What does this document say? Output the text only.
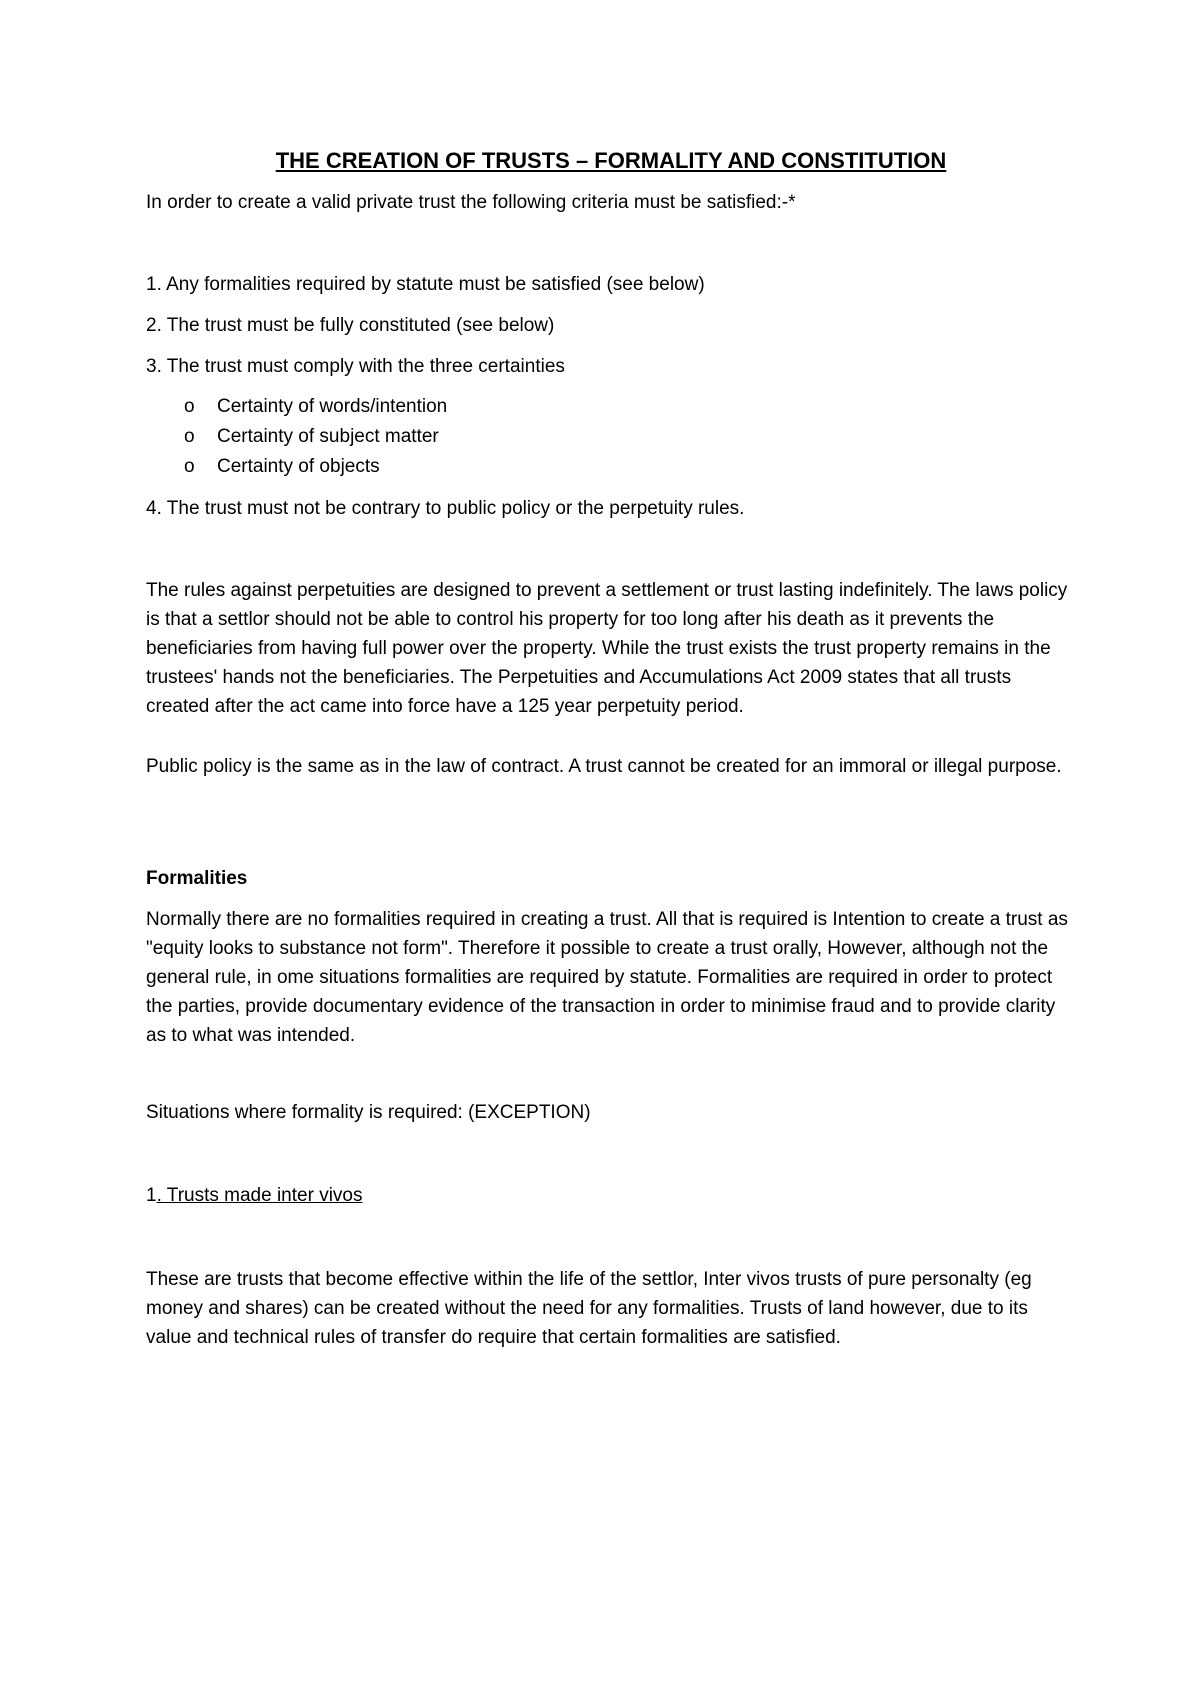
THE CREATION OF TRUSTS – FORMALITY AND CONSTITUTION

In order to create a valid private trust the following criteria must be satisfied:-*

1. Any formalities required by statute must be satisfied (see below)

2. The trust must be fully constituted (see below)

3. The trust must comply with the three certainties

o Certainty of words/intention
o Certainty of subject matter
o Certainty of objects

4. The trust must not be contrary to public policy or the perpetuity rules.

The rules against perpetuities are designed to prevent a settlement or trust lasting indefinitely. The laws policy is that a settlor should not be able to control his property for too long after his death as it prevents the beneficiaries from having full power over the property. While the trust exists the trust property remains in the trustees' hands not the beneficiaries. The Perpetuities and Accumulations Act 2009 states that all trusts created after the act came into force have a 125 year perpetuity period.

Public policy is the same as in the law of contract. A trust cannot be created for an immoral or illegal purpose.

Formalities

Normally there are no formalities required in creating a trust. All that is required is Intention to create a trust as "equity looks to substance not form". Therefore it possible to create a trust orally, However, although not the general rule, in ome situations formalities are required by statute. Formalities are required in order to protect the parties, provide documentary evidence of the transaction in order to minimise fraud and to provide clarity as to what was intended.

Situations where formality is required: (EXCEPTION)

1. Trusts made inter vivos

These are trusts that become effective within the life of the settlor, Inter vivos trusts of pure personalty (eg money and shares) can be created without the need for any formalities. Trusts of land however, due to its value and technical rules of transfer do require that certain formalities are satisfied.
